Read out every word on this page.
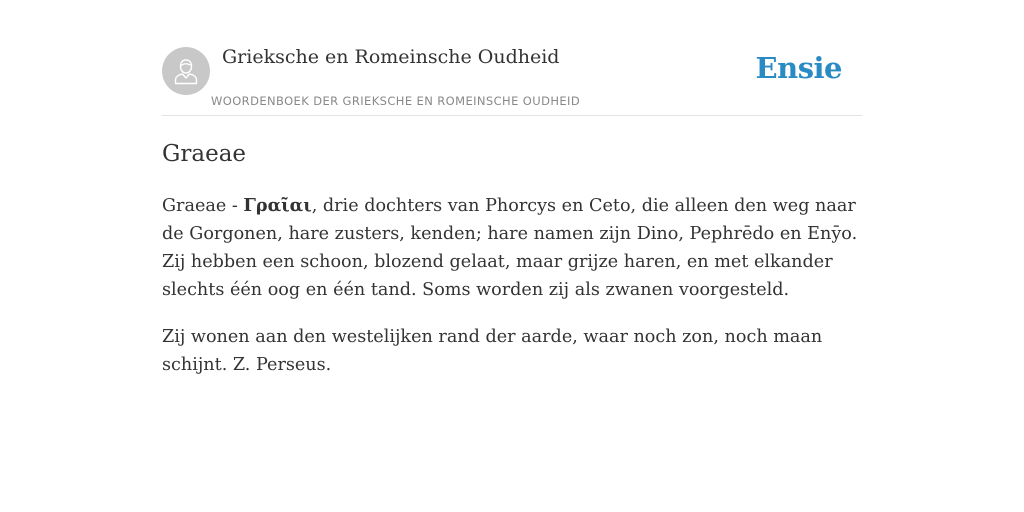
Grieksche en Romeinsche Oudheid
WOORDENBOEK DER GRIEKSCHE EN ROMEINSCHE OUDHEID
Ensie
Graeae

Graeae - Γραῖαι, drie dochters van Phorcys en Ceto, die alleen den weg naar de Gorgonen, hare zusters, kenden; hare namen zijn Dino, Pephrēdo en Enȳo. Zij hebben een schoon, blozend gelaat, maar grijze haren, en met elkander slechts één oog en één tand. Soms worden zij als zwanen voorgesteld.

Zij wonen aan den westelijken rand der aarde, waar noch zon, noch maan schijnt. Z. Perseus.
